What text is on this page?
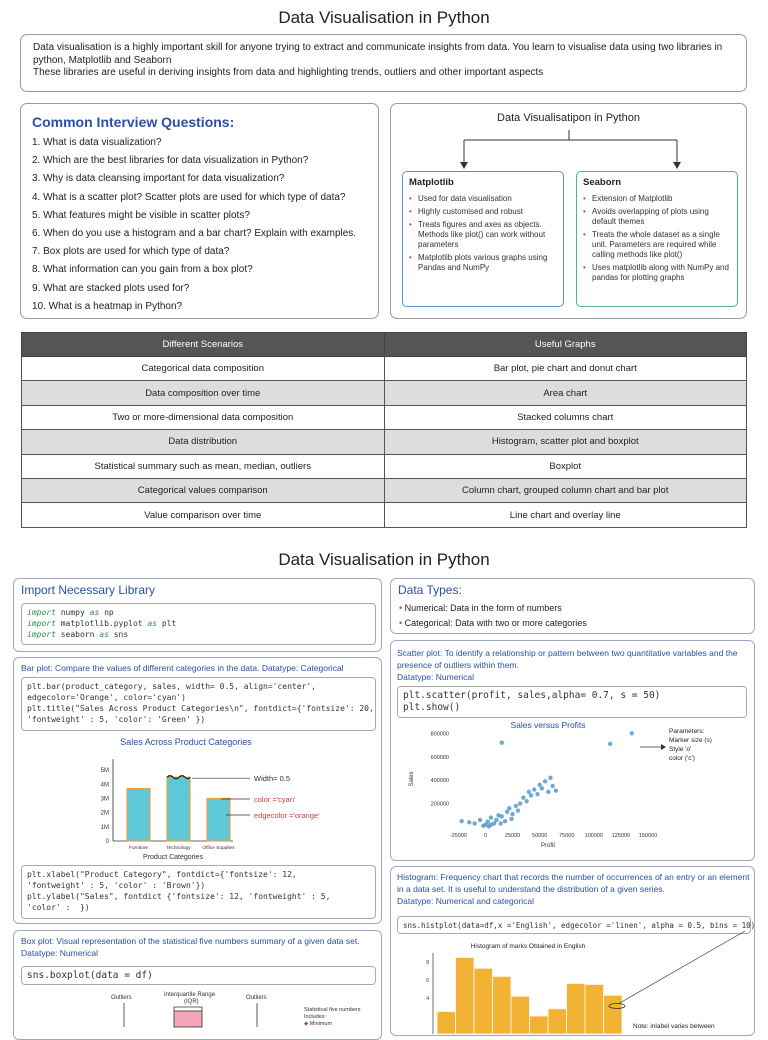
Data Visualisation in Python
Data visualisation is a highly important skill for anyone trying to extract and communicate insights from data. You learn to visualise data using two libraries in python, Matplotlib and Seaborn
These libraries are useful in deriving insights from data and highlighting trends, outliers and other important aspects
Common Interview Questions:
1. What is data visualization?
2. Which are the best libraries for data visualization in Python?
3. Why is data cleansing important for data visualization?
4. What is a scatter plot? Scatter plots are used for which type of data?
5. What features might be visible in scatter plots?
6. When do you use a histogram and a bar chart? Explain with examples.
7. Box plots are used for which type of data?
8. What information can you gain from a box plot?
9. What are stacked plots used for?
10. What is a heatmap in Python?
Data Visualisatipon in Python
Matplotlib
• Used for data visualisation
• Highly customised and robust
• Treats figures and axes as objects. Methods like plot() can work without parameters
• Matplotlib plots various graphs using Pandas and NumPy
Seaborn
• Extension of Matplotlib
• Avoids overlapping of plots using default themes
• Treats the whole dataset as a single unit. Parameters are required while calling methods like plot()
• Uses matplotlib along with NumPy and pandas for plotting graphs
Different Scenarios	Useful Graphs
Categorical data composition	Bar plot, pie chart and donut chart
Data composition over time	Area chart
Two or more-dimensional data composition	Stacked columns chart
Data distribution	Histogram, scatter plot and boxplot
Statistical summary such as mean, median, outliers	Boxplot
Categorical values comparison	Column chart, grouped column chart and bar plot
Value comparison over time	Line chart and overlay line
Data Visualisation in Python
Import Necessary Library
import numpy as np
import matplotlib.pyplot as plt
import seaborn as sns
Data Types:
• Numerical: Data in the form of numbers
• Categorical: Data with two or more categories
Bar plot: Compare the values of different categories in the data. Datatype: Categorical
plt.bar(product_category, sales, width= 0.5, align='center',
edgecolor='Orange', color='cyan')
plt.title("Sales Across Product Categories\n", fontdict={'fontsize': 20,
'fontweight' : 5, 'color': 'Green' })
Sales Across Product Categories
0
1M
2M
3M
4M
5M
Furniture	Technology Office Supplies
Product Categories
Width= 0.5
color ='cyan'
edgecolor ='orange'
plt.xlabel("Product Category", fontdict={'fontsize': 12,
'fontweight' : 5, 'color' : 'Brown'})
plt.ylabel("Sales", fontdict {'fontsize': 12, 'fontweight' : 5,
'color' :  })
Scatter plot: To identify a relationship or pattern between two quantitative variables and the presence of outliers within them.
Datatype: Numerical
plt.scatter(profit, sales,alpha= 0.7, s = 50)
plt.show()
Sales versus Profits
200000
400000
600000
800000
-25000	0	25000 50000 75000 100000 125000 150000
Profit
Sales
Parameters:
Marker size (s)
Style 'o'
color ('c')
Histogram: Frequency chart that records the number of occurrences of an entry or an element in a data set. It is useful to understand the distribution of a given series.
Datatype: Numerical and categorical
sns.histplot(data=df,x ='English', edgecolor ='linen', alpha = 0.5, bins = 10)
Histogram of marks Obtained in English
4
6
8
Note: inlabel varies between
Box plot: Visual representation of the statistical five numbers summary of a given data set.
Datatype: Numerical
sns.boxplot(data = df)
Outliers	Interquartile Range
(IQR)
Outliers
Statistical five numbers
Includes:
◆ Minimum
